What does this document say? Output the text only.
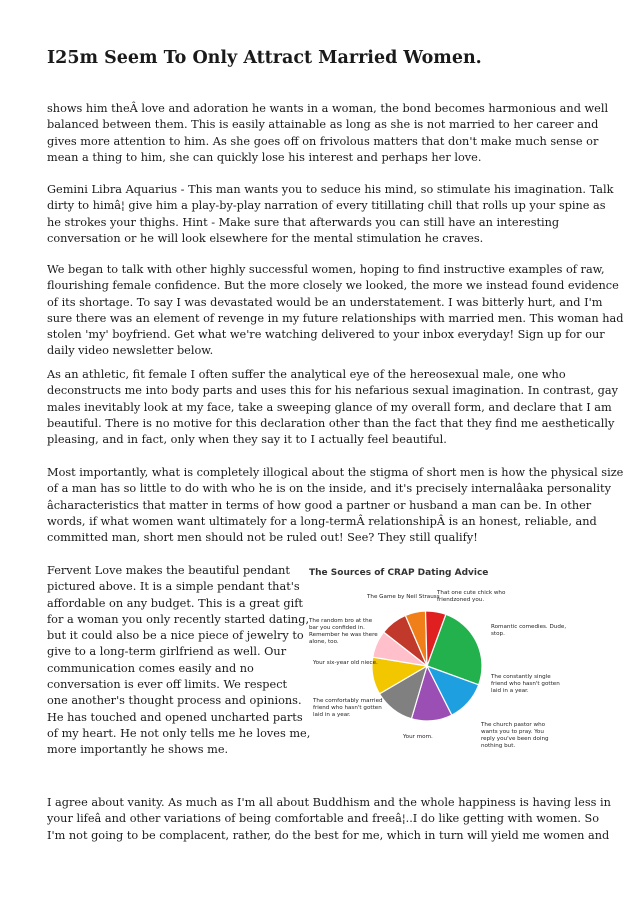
I25m Seem To Only Attract Married Women.

shows him theÂ love and adoration he wants in a woman, the bond becomes harmonious and well
balanced between them. This is easily attainable as long as she is not married to her career and
gives more attention to him. As she goes off on frivolous matters that don't make much sense or
mean a thing to him, she can quickly lose his interest and perhaps her love.

Gemini Libra Aquarius - This man wants you to seduce his mind, so stimulate his imagination. Talk
dirty to himâ¦ give him a play-by-play narration of every titillating chill that rolls up your spine as
he strokes your thighs. Hint - Make sure that afterwards you can still have an interesting
conversation or he will look elsewhere for the mental stimulation he craves.

We began to talk with other highly successful women, hoping to find instructive examples of raw,
flourishing female confidence. But the more closely we looked, the more we instead found evidence
of its shortage. To say I was devastated would be an understatement. I was bitterly hurt, and I'm
sure there was an element of revenge in my future relationships with married men. This woman had
stolen 'my' boyfriend. Get what we're watching delivered to your inbox everyday! Sign up for our
daily video newsletter below.

As an athletic, fit female I often suffer the analytical eye of the hereosexual male, one who
deconstructs me into body parts and uses this for his nefarious sexual imagination. In contrast, gay
males inevitably look at my face, take a sweeping glance of my overall form, and declare that I am
beautiful. There is no motive for this declaration other than the fact that they find me aesthetically
pleasing, and in fact, only when they say it to I actually feel beautiful.

Most importantly, what is completely illogical about the stigma of short men is how the physical size
of a man has so little to do with who he is on the inside, and it's precisely internalâaka personality
âcharacteristics that matter in terms of how good a partner or husband a man can be. In other
words, if what women want ultimately for a long-termÂ relationshipÂ is an honest, reliable, and
committed man, short men should not be ruled out! See? They still qualify!

Fervent Love makes the beautiful pendant
pictured above. It is a simple pendant that's
affordable on any budget. This is a great gift
for a woman you only recently started dating,
but it could also be a nice piece of jewelry to
give to a long-term girlfriend as well. Our
communication comes easily and no
conversation is ever off limits. We respect
one another's thought process and opinions.
He has touched and opened uncharted parts
of my heart. He not only tells me he loves me,
more importantly he shows me.

Romantic comedies. Dude, stop.
The constantly single friend who hasn't gotten laid in a year.
The church pastor who wants you to pray. You reply you've been doing nothing but.
Your mom.
The comfortably married friend who hasn't gotten laid in a year.
Your six-year old niece.
The random bro at the bar you confided in. Remember he was there alone, too.
The Game by Neil Strauss
That one cute chick who friendzoned you.
The Sources of CRAP Dating Advice

I agree about vanity. As much as I'm all about Buddhism and the whole happiness is having less in
your lifeâ and other variations of being comfortable and freeâ¦..I do like getting with women. So
I'm not going to be complacent, rather, do the best for me, which in turn will yield me women and
